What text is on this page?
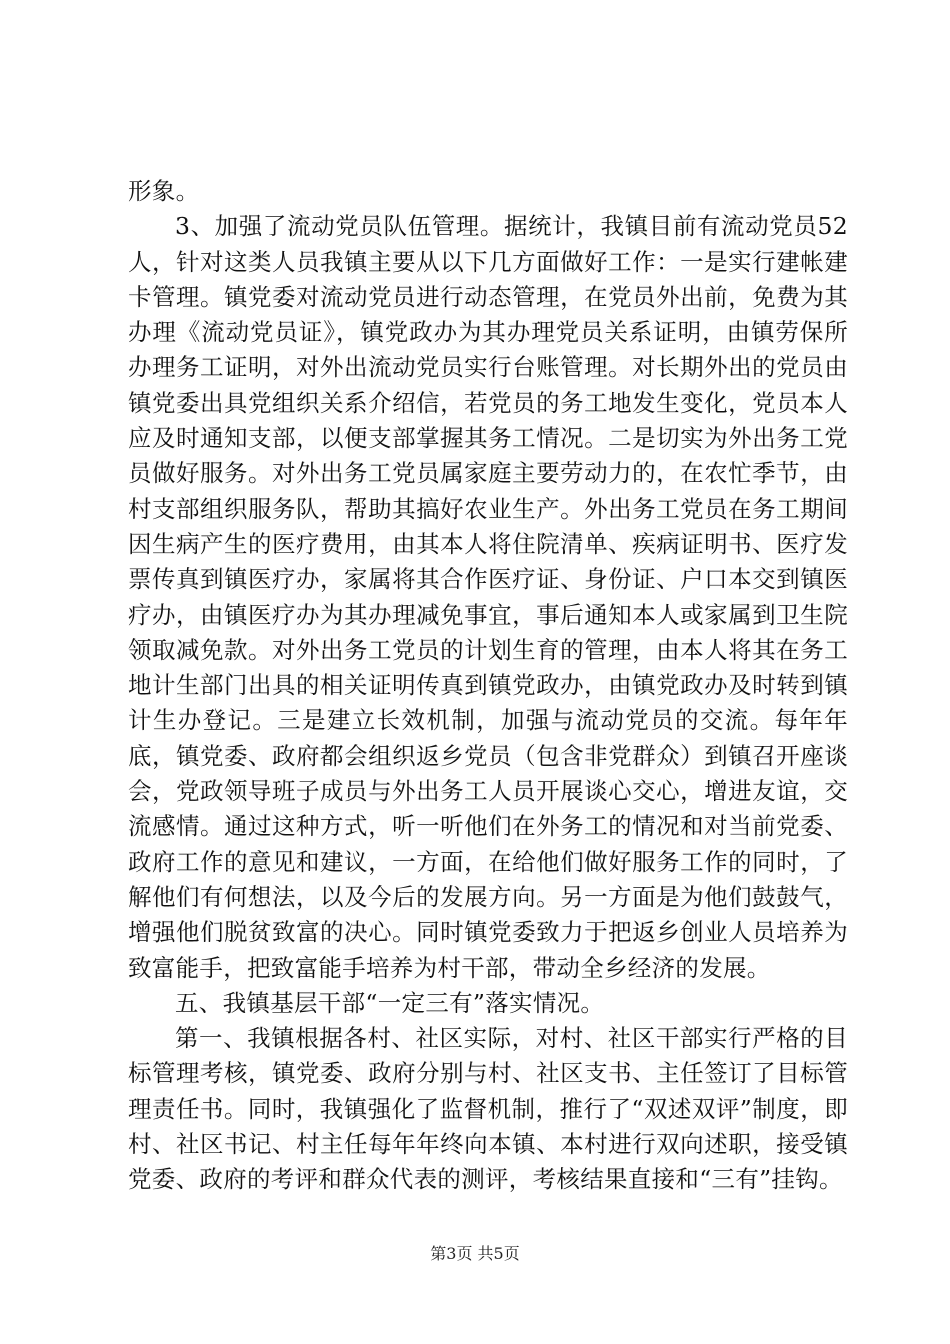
形象。

3、加强了流动党员队伍管理。据统计，我镇目前有流动党员52人，针对这类人员我镇主要从以下几方面做好工作：一是实行建帐建卡管理。镇党委对流动党员进行动态管理，在党员外出前，免费为其办理《流动党员证》，镇党政办为其办理党员关系证明，由镇劳保所办理务工证明，对外出流动党员实行台账管理。对长期外出的党员由镇党委出具党组织关系介绍信，若党员的务工地发生变化，党员本人应及时通知支部，以便支部掌握其务工情况。二是切实为外出务工党员做好服务。对外出务工党员属家庭主要劳动力的，在农忙季节，由村支部组织服务队，帮助其搞好农业生产。外出务工党员在务工期间因生病产生的医疗费用，由其本人将住院清单、疾病证明书、医疗发票传真到镇医疗办，家属将其合作医疗证、身份证、户口本交到镇医疗办，由镇医疗办为其办理减免事宜，事后通知本人或家属到卫生院领取减免款。对外出务工党员的计划生育的管理，由本人将其在务工地计生部门出具的相关证明传真到镇党政办，由镇党政办及时转到镇计生办登记。三是建立长效机制，加强与流动党员的交流。每年年底，镇党委、政府都会组织返乡党员（包含非党群众）到镇召开座谈会，党政领导班子成员与外出务工人员开展谈心交心，增进友谊，交流感情。通过这种方式，听一听他们在外务工的情况和对当前党委、政府工作的意见和建议，一方面，在给他们做好服务工作的同时，了解他们有何想法，以及今后的发展方向。另一方面是为他们鼓鼓气，增强他们脱贫致富的决心。同时镇党委致力于把返乡创业人员培养为致富能手，把致富能手培养为村干部，带动全乡经济的发展。

五、我镇基层干部“一定三有”落实情况。

第一、我镇根据各村、社区实际，对村、社区干部实行严格的目标管理考核，镇党委、政府分别与村、社区支书、主任签订了目标管理责任书。同时，我镇强化了监督机制，推行了“双述双评”制度，即村、社区书记、村主任每年年终向本镇、本村进行双向述职，接受镇党委、政府的考评和群众代表的测评，考核结果直接和“三有”挂钩。

第3页 共5页
